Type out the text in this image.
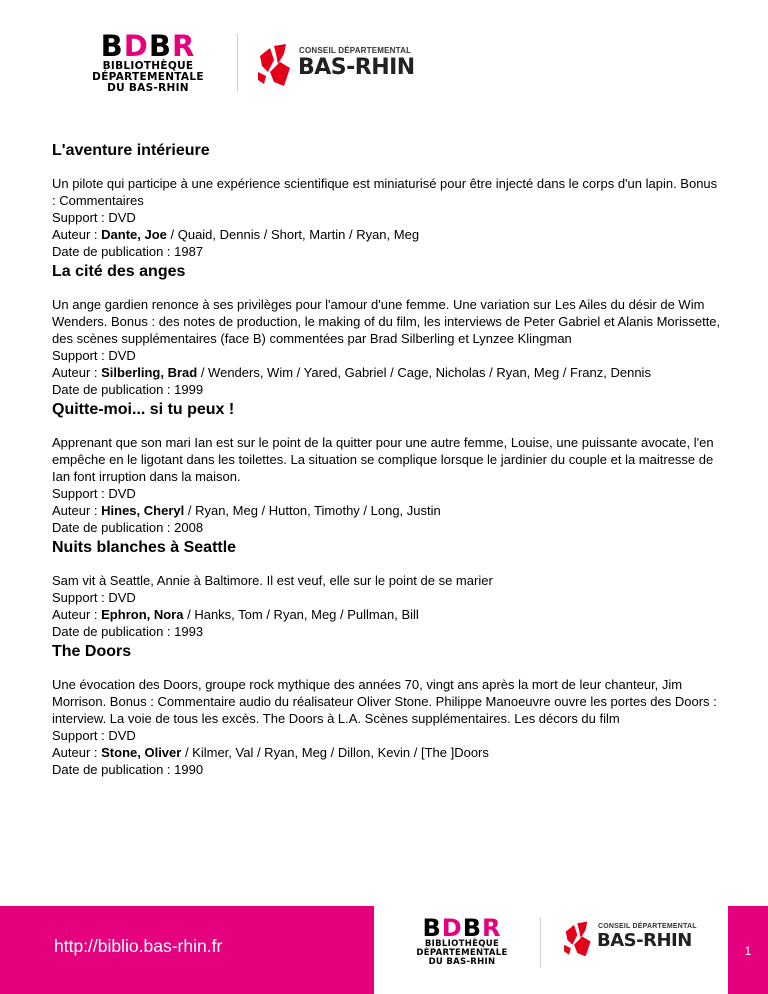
BDBR
BIBLIOTHÈQUE
DÉPARTEMENTALE
DU BAS-RHIN
CONSEIL DÉPARTEMENTAL
BAS-RHIN
L'aventure intérieure
Un pilote qui participe à une expérience scientifique est miniaturisé pour être injecté dans le corps d'un lapin. Bonus : Commentaires
Support : DVD
Auteur : Dante, Joe / Quaid, Dennis / Short, Martin / Ryan, Meg
Date de publication : 1987
La cité des anges
Un ange gardien renonce à ses privilèges pour l'amour d'une femme. Une variation sur Les Ailes du désir de Wim Wenders. Bonus : des notes de production, le making of du film, les interviews de Peter Gabriel et Alanis Morissette, des scènes supplémentaires (face B) commentées par Brad Silberling et Lynzee Klingman
Support : DVD
Auteur : Silberling, Brad / Wenders, Wim / Yared, Gabriel / Cage, Nicholas / Ryan, Meg / Franz, Dennis
Date de publication : 1999
Quitte-moi... si tu peux !
Apprenant que son mari Ian est sur le point de la quitter pour une autre femme, Louise, une puissante avocate, l'en empêche en le ligotant dans les toilettes. La situation se complique lorsque le jardinier du couple et la maitresse de Ian font irruption dans la maison.
Support : DVD
Auteur : Hines, Cheryl / Ryan, Meg / Hutton, Timothy / Long, Justin
Date de publication : 2008
Nuits blanches à Seattle
Sam vit à Seattle, Annie à Baltimore. Il est veuf, elle sur le point de se marier
Support : DVD
Auteur : Ephron, Nora / Hanks, Tom / Ryan, Meg / Pullman, Bill
Date de publication : 1993
The Doors
Une évocation des Doors, groupe rock mythique des années 70, vingt ans après la mort de leur chanteur, Jim Morrison. Bonus : Commentaire audio du réalisateur Oliver Stone. Philippe Manoeuvre ouvre les portes des Doors : interview. La voie de tous les excès. The Doors à L.A. Scènes supplémentaires. Les décors du film
Support : DVD
Auteur : Stone, Oliver / Kilmer, Val / Ryan, Meg / Dillon, Kevin / [The ]Doors
Date de publication : 1990
http://biblio.bas-rhin.fr
BDBR
BIBLIOTHÈQUE
DÉPARTEMENTALE
DU BAS-RHIN
CONSEIL DÉPARTEMENTAL
BAS-RHIN	1
